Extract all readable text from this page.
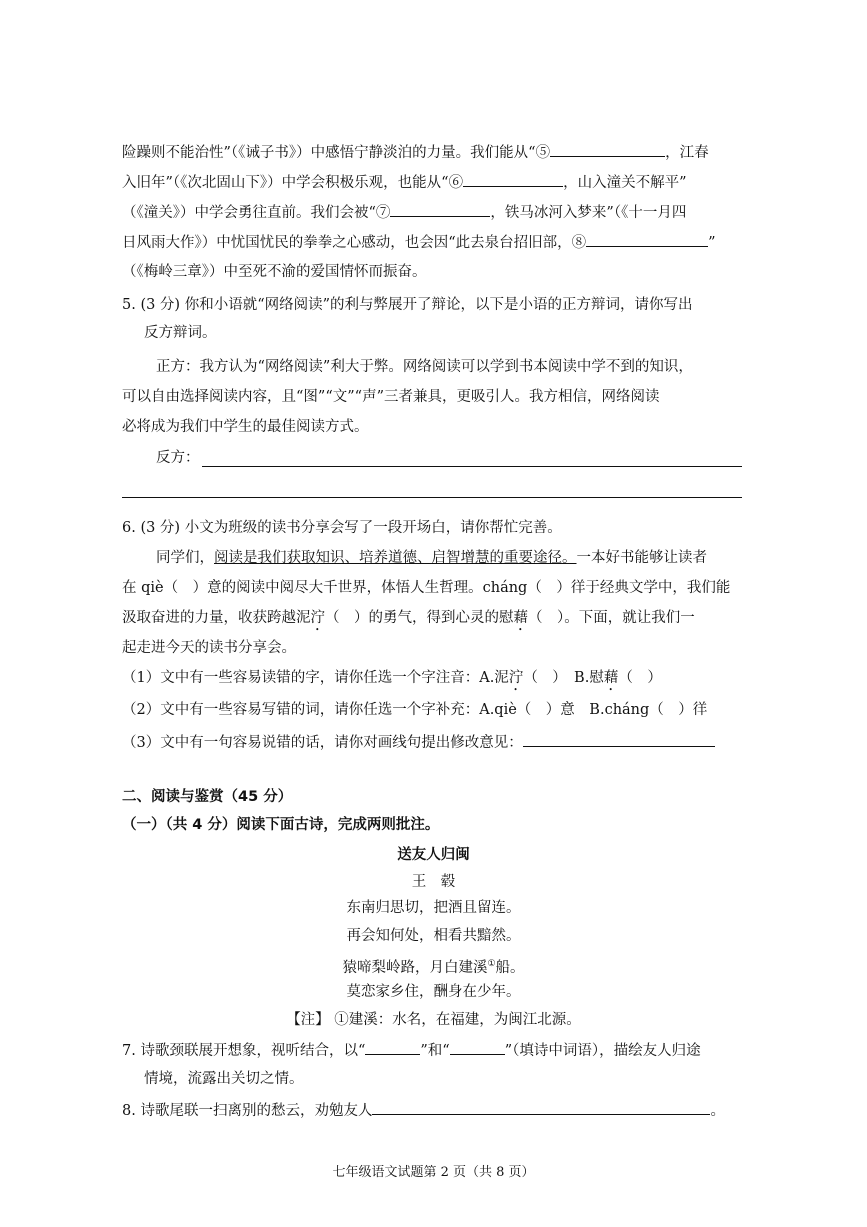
险躁则不能治性”（《诫子书》）中感悟宁静淡泊的力量。我们能从“⑤	，江春
入旧年”（《次北固山下》）中学会积极乐观，也能从“⑥	，山入潼关不解平”
（《潼关》）中学会勇往直前。我们会被“⑦	，铁马冰河入梦来”（《十一月四
日风雨大作》）中忧国忧民的拳拳之心感动，也会因“此去泉台招旧部，⑧	”
（《梅岭三章》）中至死不渝的爱国情怀而振奋。
5. (3 分) 你和小语就“网络阅读”的利与弊展开了辩论，以下是小语的正方辩词，请你写出
反方辩词。
正方：我方认为“网络阅读”利大于弊。网络阅读可以学到书本阅读中学不到的知识，
可以自由选择阅读内容，且“图”“文”“声”三者兼具，更吸引人。我方相信，网络阅读
必将成为我们中学生的最佳阅读方式。
反方：
6. (3 分) 小文为班级的读书分享会写了一段开场白，请你帮忙完善。
同学们，阅读是我们获取知识、培养道德、启智增慧的重要途径。一本好书能够让读者
在 qiè（　）意的阅读中阅尽大千世界，体悟人生哲理。cháng（　）徉于经典文学中，我们能
汲取奋进的力量，收获跨越泥泞（　）的勇气，得到心灵的慰藉（　）。下面，就让我们一
起走进今天的读书分享会。
（1）文中有一些容易读错的字，请你任选一个字注音：A.泥泞（　）　B.慰藉（　）
（2）文中有一些容易写错的词，请你任选一个字补充：A.qiè（　）意　B.cháng（　）徉
（3）文中有一句容易说错的话，请你对画线句提出修改意见：
二、阅读与鉴赏（45 分）
（一）（共 4 分）阅读下面古诗，完成两则批注。
送友人归闽
王　毂
东南归思切，把酒且留连。
再会知何处，相看共黯然。
猿啼梨岭路，月白建溪①船。
莫恋家乡住，酬身在少年。
【注】 ①建溪：水名，在福建，为闽江北源。
7. 诗歌颈联展开想象，视听结合，以“	”和“	”（填诗中词语），描绘友人归途
情境，流露出关切之情。
8. 诗歌尾联一扫离别的愁云，劝勉友人	。
七年级语文试题第 2 页（共 8 页）
